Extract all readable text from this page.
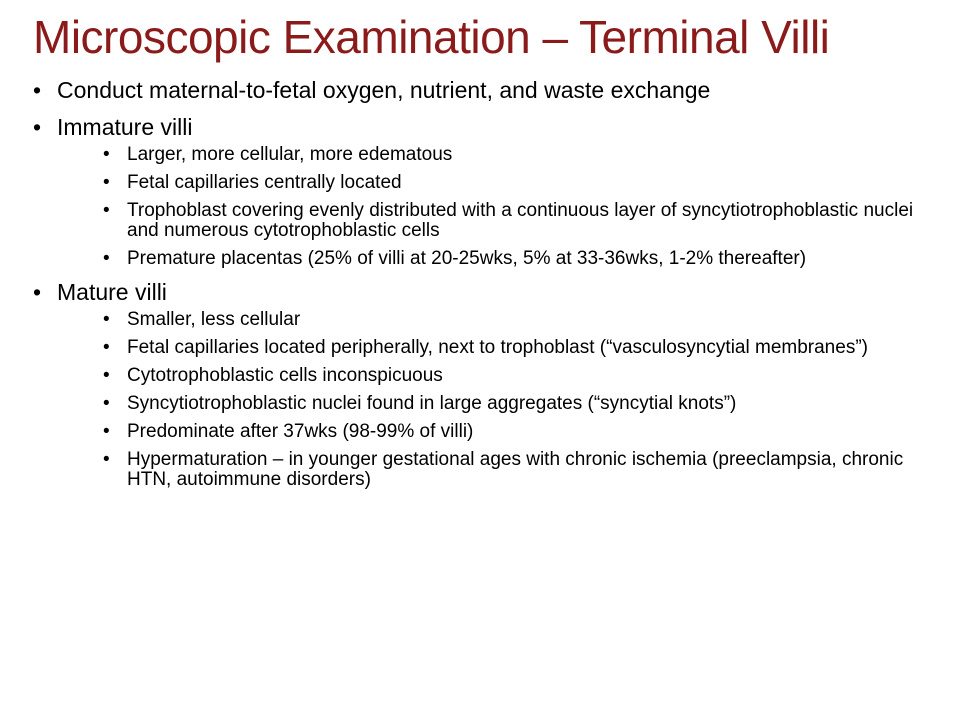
Microscopic Examination – Terminal Villi
• Conduct maternal-to-fetal oxygen, nutrient, and waste exchange
• Immature villi
• Larger, more cellular, more edematous
• Fetal capillaries centrally located
• Trophoblast covering evenly distributed with a continuous layer of syncytiotrophoblastic nuclei and numerous cytotrophoblastic cells
• Premature placentas (25% of villi at 20-25wks, 5% at 33-36wks, 1-2% thereafter)
• Mature villi
• Smaller, less cellular
• Fetal capillaries located peripherally, next to trophoblast (“vasculosyncytial membranes”)
• Cytotrophoblastic cells inconspicuous
• Syncytiotrophoblastic nuclei found in large aggregates (“syncytial knots”)
• Predominate after 37wks (98-99% of villi)
• Hypermaturation – in younger gestational ages with chronic ischemia (preeclampsia, chronic HTN, autoimmune disorders)
